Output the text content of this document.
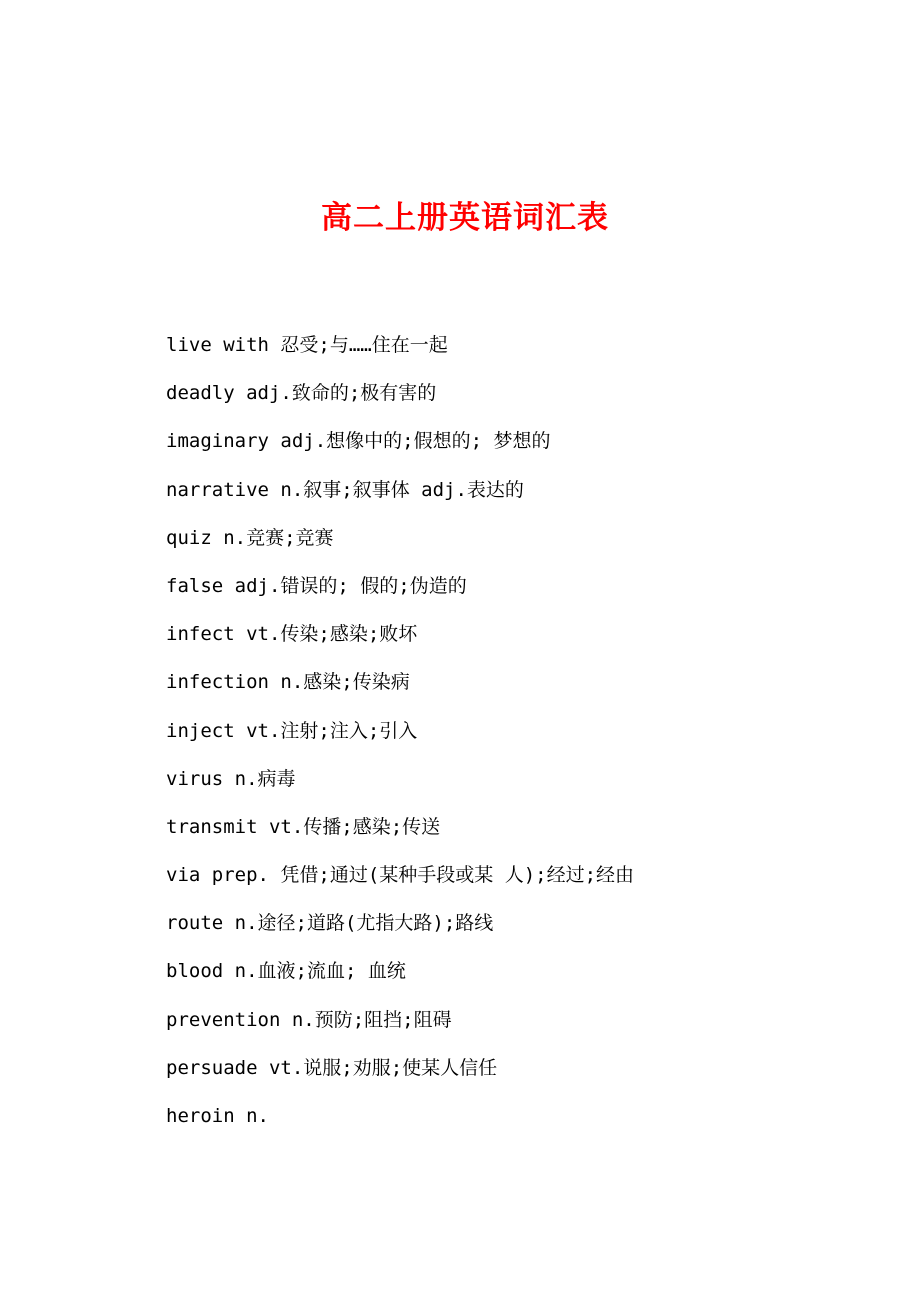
高二上册英语词汇表
live with 忍受;与……住在一起
deadly adj.致命的;极有害的
imaginary adj.想像中的;假想的; 梦想的
narrative n.叙事;叙事体 adj.表达的
quiz n.竞赛;竞赛
false adj.错误的; 假的;伪造的
infect vt.传染;感染;败坏
infection n.感染;传染病
inject vt.注射;注入;引入
virus n.病毒
transmit vt.传播;感染;传送
via prep. 凭借;通过(某种手段或某 人);经过;经由
route n.途径;道路(尤指大路);路线
blood n.血液;流血; 血统
prevention n.预防;阻挡;阻碍
persuade vt.说服;劝服;使某人信任
heroin n.
